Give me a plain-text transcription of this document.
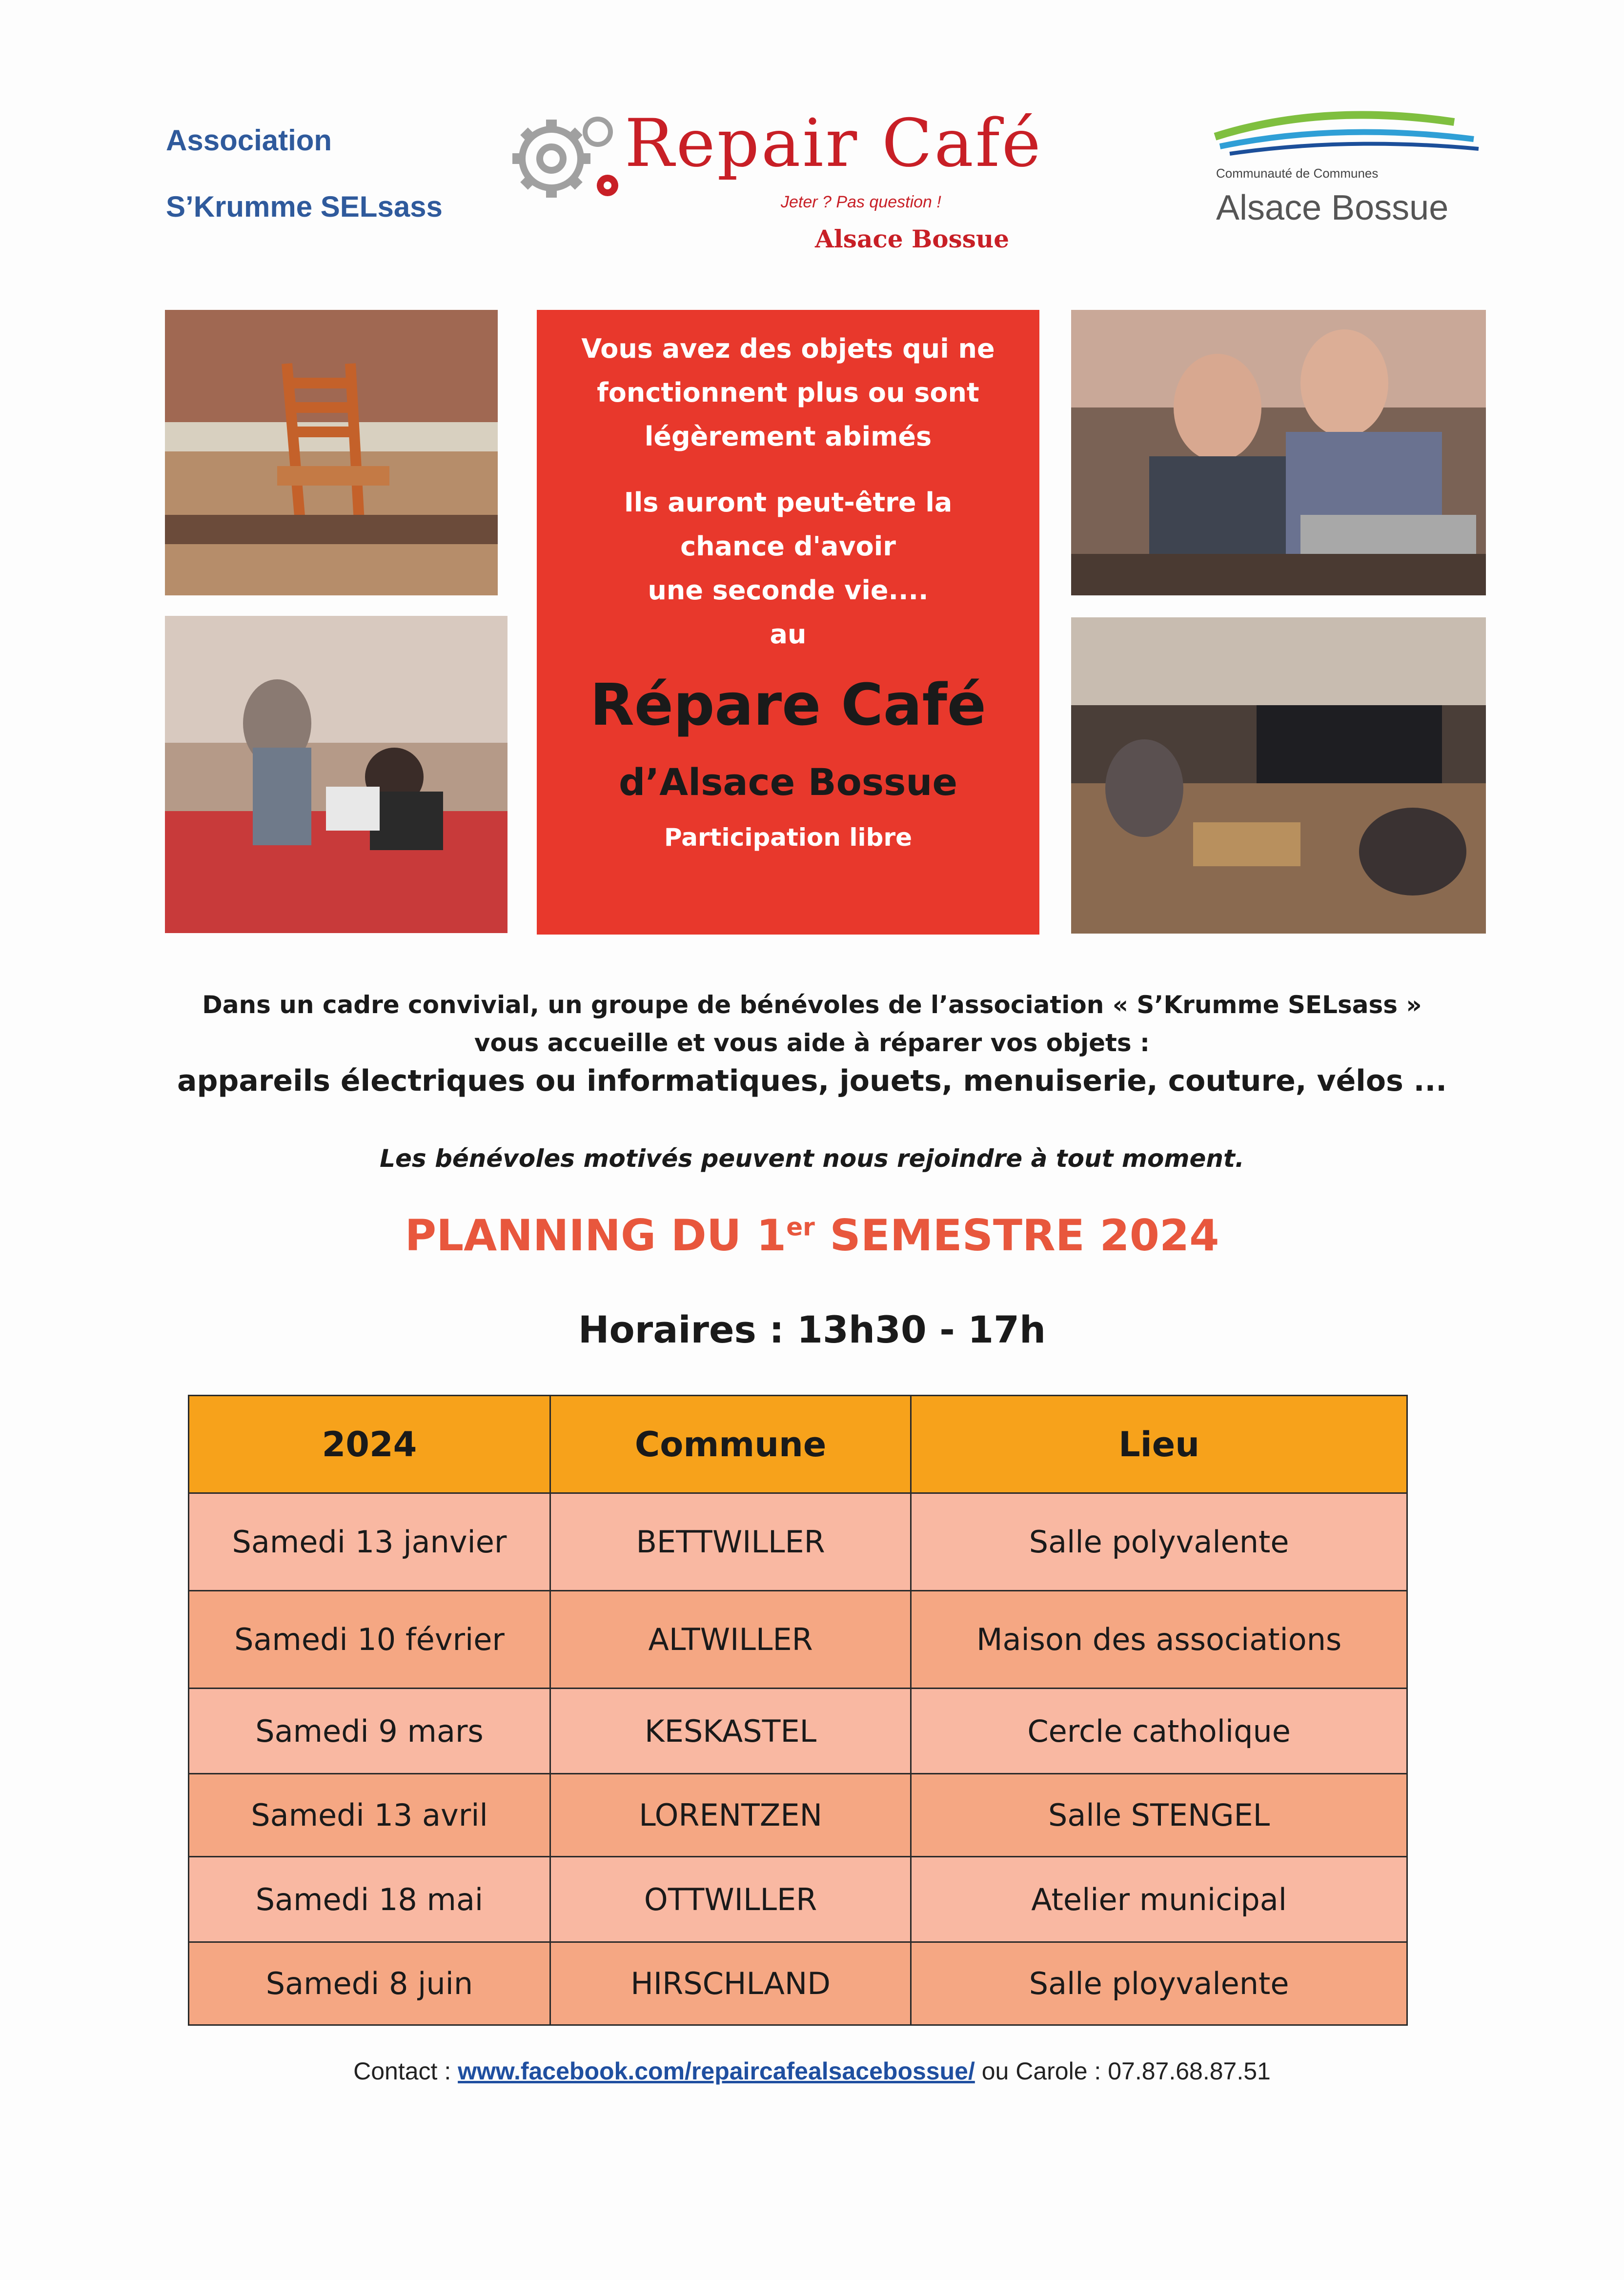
Association
S’Krumme SELsass
Repair Café
Jeter ? Pas question !
Alsace Bossue
Communauté de Communes
Alsace Bossue
Vous avez des objets qui ne
fonctionnent plus ou sont
légèrement abimés
Ils auront peut-être la
chance d'avoir
une seconde vie....
au
Répare Café
d’Alsace Bossue
Participation libre
Dans un cadre convivial, un groupe de bénévoles de l’association « S’Krumme SELsass »
vous accueille et vous aide à réparer vos objets :
appareils électriques ou informatiques, jouets, menuiserie, couture, vélos ...
Les bénévoles motivés peuvent nous rejoindre à tout moment.
PLANNING DU 1er SEMESTRE 2024
Horaires : 13h30 - 17h
2024	Commune	Lieu
Samedi 13 janvier	BETTWILLER	Salle polyvalente
Samedi 10 février	ALTWILLER	Maison des associations
Samedi 9 mars	KESKASTEL	Cercle catholique
Samedi 13 avril	LORENTZEN	Salle STENGEL
Samedi 18 mai	OTTWILLER	Atelier municipal
Samedi 8 juin	HIRSCHLAND	Salle ployvalente
Contact : www.facebook.com/repaircafealsacebossue/ ou Carole : 07.87.68.87.51
